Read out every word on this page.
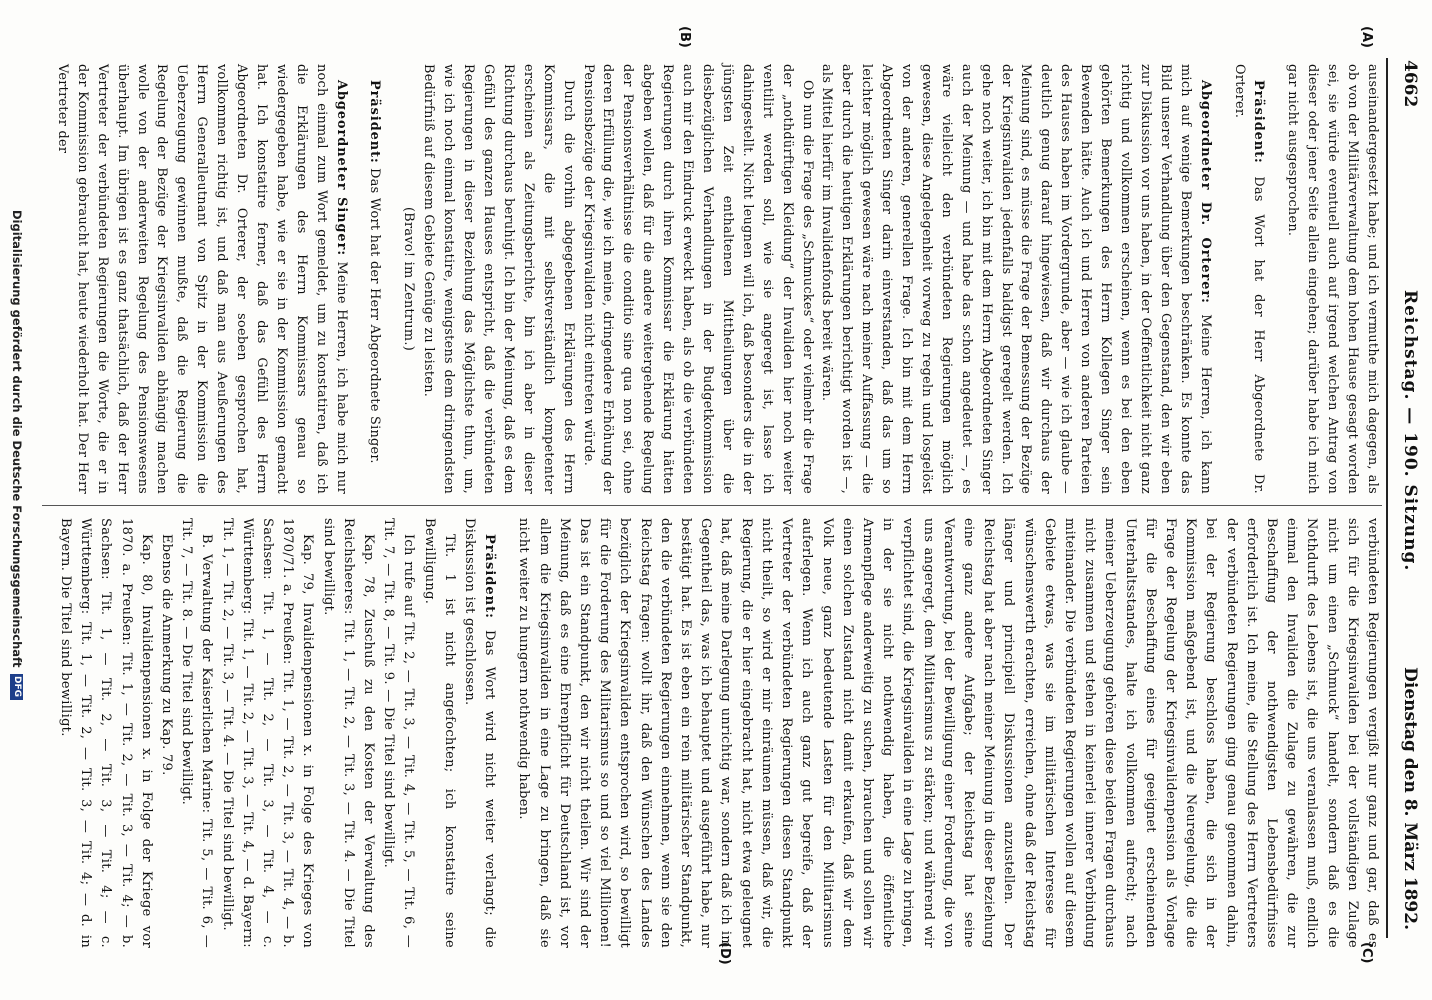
4662
Reichstag. — 190. Sitzung.
Dienstag den 8. März 1892.
(A)
(B)
(C)
(D)

auseinandergesetzt habe; und ich vermuthe mich dagegen, als ob von der Militärverwaltung dem hohen Hause gesagt worden sei, sie würde eventuell auch auf irgend welchen Antrag von dieser oder jener Seite allein eingehen; darüber habe ich mich gar nicht ausgesprochen.

Präsident: Das Wort hat der Herr Abgeordnete Dr. Orterer.

Abgeordneter Dr. Orterer: Meine Herren, ich kann mich auf wenige Bemerkungen beschränken. Es konnte das Bild unserer Verhandlung über den Gegenstand, den wir eben zur Diskussion vor uns haben, in der Oeffentlichkeit nicht ganz richtig und vollkommen erscheinen, wenn es bei den eben gehörten Bemerkungen des Herrn Kollegen Singer sein Bewenden hätte. Auch ich und Herren von anderen Parteien des Hauses haben im Vordergrunde, aber — wie ich glaube — deutlich genug darauf hingewiesen, daß wir durchaus der Meinung sind, es müsse die Frage der Bemessung der Bezüge der Kriegsinvaliden jedenfalls baldigst geregelt werden. Ich gehe noch weiter, ich bin mit dem Herrn Abgeordneten Singer auch der Meinung — und habe das schon angedeutet —, es wäre vielleicht den verbündeten Regierungen möglich gewesen, diese Angelegenheit vorweg zu regeln und losgelöst von der anderen, generellen Frage. Ich bin mit dem Herrn Abgeordneten Singer darin einverstanden, daß das um so leichter möglich gewesen wäre nach meiner Auffassung — die aber durch die heutigen Erklärungen berichtigt worden ist —, als Mittel hierfür im Invalidenfonds bereit wären.

Ob nun die Frage des „Schmuckes“ oder vielmehr die Frage der „nothdürftigen Kleidung“ der Invaliden hier noch weiter ventilirt werden soll, wie sie angeregt ist, lasse ich dahingestellt. Nicht leugnen will ich, daß besonders die in der jüngsten Zeit enthaltenen Mittheilungen über die diesbezüglichen Verhandlungen in der Budgetkommission auch mir den Eindruck erweckt haben, als ob die verbündeten Regierungen durch ihren Kommissar die Erklärung hätten abgeben wollen, daß für die andere weitergehende Regelung der Pensionsverhältnisse die conditio sine qua non sei, ohne deren Erfüllung die, wie ich meine, dringendere Erhöhung der Pensionsbezüge der Kriegsinvaliden nicht eintreten würde.

Durch die vorhin abgegebenen Erklärungen des Herrn Kommissars, die mit selbstverständlich kompetenter erscheinen als Zeitungsberichte, bin ich aber in dieser Richtung durchaus beruhigt. Ich bin der Meinung, daß es dem Gefühl des ganzen Hauses entspricht, daß die verbündeten Regierungen in dieser Beziehung das Möglichste thun, um, wie ich noch einmal konstatire, wenigstens dem dringendsten Bedürfniß auf diesem Gebiete Genüge zu leisten.

(Bravo! im Zentrum.)

Präsident: Das Wort hat der Herr Abgeordnete Singer.

Abgeordneter Singer: Meine Herren, ich habe mich nur noch einmal zum Wort gemeldet, um zu konstatiren, daß ich die Erklärungen des Herrn Kommissars genau so wiedergegeben habe, wie er sie in der Kommission gemacht hat. Ich konstatire ferner, daß das Gefühl des Herrn Abgeordneten Dr. Orterer, der soeben gesprochen hat, vollkommen richtig ist, und daß man aus Aeußerungen des Herrn Generalleutnant von Spitz in der Kommission die Ueberzeugung gewinnen mußte, daß die Regierung die Regelung der Bezüge der Kriegsinvaliden abhängig machen wolle von der anderweiten Regelung des Pensionswesens überhaupt. Im übrigen ist es ganz thatsächlich, daß der Herr Vertreter der verbündeten Regierungen die Worte, die er in der Kommission gebraucht hat, heute wiederholt hat. Der Herr Vertreter der

verbündeten Regierungen vergißt nur ganz und gar, daß es sich für die Kriegsinvaliden bei der vollständigen Zulage nicht um einen „Schmuck“ handelt, sondern daß es die Nothdurft des Lebens ist, die uns veranlassen muß, endlich einmal den Invaliden die Zulage zu gewähren, die zur Beschaffung der nothwendigsten Lebensbedürfnisse erforderlich ist. Ich meine, die Stellung des Herrn Vertreters der verbündeten Regierungen ging genau genommen dahin, bei der Regierung beschloss haben, die sich in der Kommission maßgebend ist, und die Neuregelung, die die Frage der Regelung der Kriegsinvalidenpension als Vorlage für die Beschaffung eines für geeignet erscheinenden Unterhaltsstandes, halte ich vollkommen aufrecht; nach meiner Ueberzeugung gehören diese beiden Fragen durchaus nicht zusammen und stehen in keinerlei innerer Verbindung miteinander. Die verbündeten Regierungen wollen auf diesem Gebiete etwas, was sie im militärischen Interesse für wünschenswerth erachten, erreichen, ohne daß der Reichstag länger und principiell Diskussionen anzustellen. Der Reichstag hat aber nach meiner Meinung in dieser Beziehung eine ganz andere Aufgabe; der Reichstag hat seine Verantwortung, bei der Bewilligung einer Forderung, die von uns angeregt, dem Militarismus zu stärken; und während wir verpflichtet sind, die Kriegsinvaliden in eine Lage zu bringen, in der sie nicht nothwendig haben, die öffentliche Armenpflege anderweitig zu suchen, brauchen und sollen wir einen solchen Zustand nicht damit erkaufen, daß wir dem Volk neue, ganz bedeutende Lasten für den Militarismus auferlegen. Wenn ich auch ganz gut begreife, daß der Vertreter der verbündeten Regierungen diesen Standpunkt nicht theilt, so wird er mir einräumen müssen, daß wir, die Regierung, die er hier eingebracht hat, nicht etwa geleugnet hat, daß meine Darlegung unrichtig war, sondern daß ich im Gegentheil das, was ich behauptet und ausgeführt habe, nur bestätigt hat. Es ist eben ein rein militärischer Standpunkt, den die verbündeten Regierungen einnehmen, wenn sie den Reichstag fragen: wollt ihr, daß den Wünschen des Landes bezüglich der Kriegsinvaliden entsprochen wird, so bewilligt für die Forderung des Militarismus so und so viel Millionen! Das ist ein Standpunkt, den wir nicht theilen. Wir sind der Meinung, daß es eine Ehrenpflicht für Deutschland ist, vor allem die Kriegsinvaliden in eine Lage zu bringen, daß sie nicht weiter zu hungern nothwendig haben.

Präsident: Das Wort wird nicht weiter verlangt; die Diskussion ist geschlossen.

Tit. 1 ist nicht angefochten; ich konstatire seine Bewilligung.

Ich rufe auf Tit. 2, — Tit. 3, — Tit. 4, — Tit. 5, — Tit. 6, — Tit. 7, — Tit. 8, — Tit. 9. — Die Titel sind bewilligt.

Kap. 78, Zuschuß zu den Kosten der Verwaltung des Reichsheeres: Tit. 1, — Tit. 2, — Tit. 3, — Tit. 4. — Die Titel sind bewilligt.

Kap. 79, Invalidenpensionen x. in Folge des Krieges von 1870/71. a. Preußen: Tit. 1, — Tit. 2, — Tit. 3, — Tit. 4, — b. Sachsen: Tit. 1, — Tit. 2, — Tit. 3, — Tit. 4, — c. Württemberg: Tit. 1, — Tit. 2, — Tit. 3, — Tit. 4, — d. Bayern: Tit. 1, — Tit. 2, — Tit. 3, — Tit. 4. — Die Titel sind bewilligt.

B. Verwaltung der Kaiserlichen Marine: Tit. 5, — Tit. 6, — Tit. 7, — Tit. 8. — Die Titel sind bewilligt.

Ebenso die Anmerkung zu Kap. 79.

Kap. 80, Invalidenpensionen x. in Folge der Kriege vor 1870. a. Preußen: Tit. 1, — Tit. 2, — Tit. 3, — Tit. 4; — b. Sachsen: Tit. 1, — Tit. 2, — Tit. 3, — Tit. 4; — c. Württemberg: Tit. 1, — Tit. 2, — Tit. 3, — Tit. 4; — d. in Bayern. Die Titel sind bewilligt.

Digitalisierung gefördert durch die Deutsche ForschungsgemeinschaftDFG
